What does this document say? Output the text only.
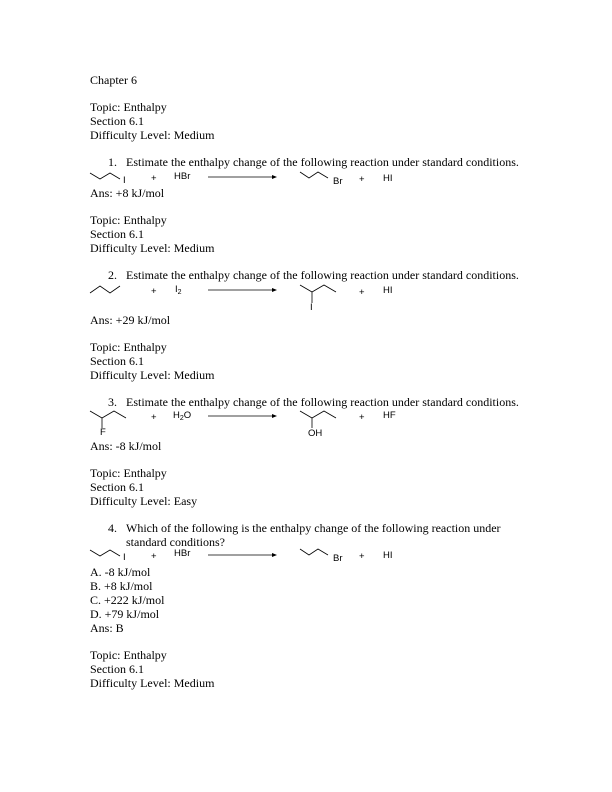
Chapter 6
Topic: Enthalpy
Section 6.1
Difficulty Level: Medium
1. Estimate the enthalpy change of the following reaction under standard conditions.
I	+ HBr	Br + HI
Ans: +8 kJ/mol
Topic: Enthalpy
Section 6.1
Difficulty Level: Medium
2. Estimate the enthalpy change of the following reaction under standard conditions.
+ $I_2$
I
+ HI
Ans: +29 kJ/mol
Topic: Enthalpy
Section 6.1
Difficulty Level: Medium
3. Estimate the enthalpy change of the following reaction under standard conditions.
F
+ $H_2O$
OH
+ HF
Ans: -8 kJ/mol
Topic: Enthalpy
Section 6.1
Difficulty Level: Easy
4. Which of the following is the enthalpy change of the following reaction under
standard conditions?
I	+ HBr	Br + HI
A. -8 kJ/mol
B. +8 kJ/mol
C. +222 kJ/mol
D. +79 kJ/mol
Ans: B
Topic: Enthalpy
Section 6.1
Difficulty Level: Medium
